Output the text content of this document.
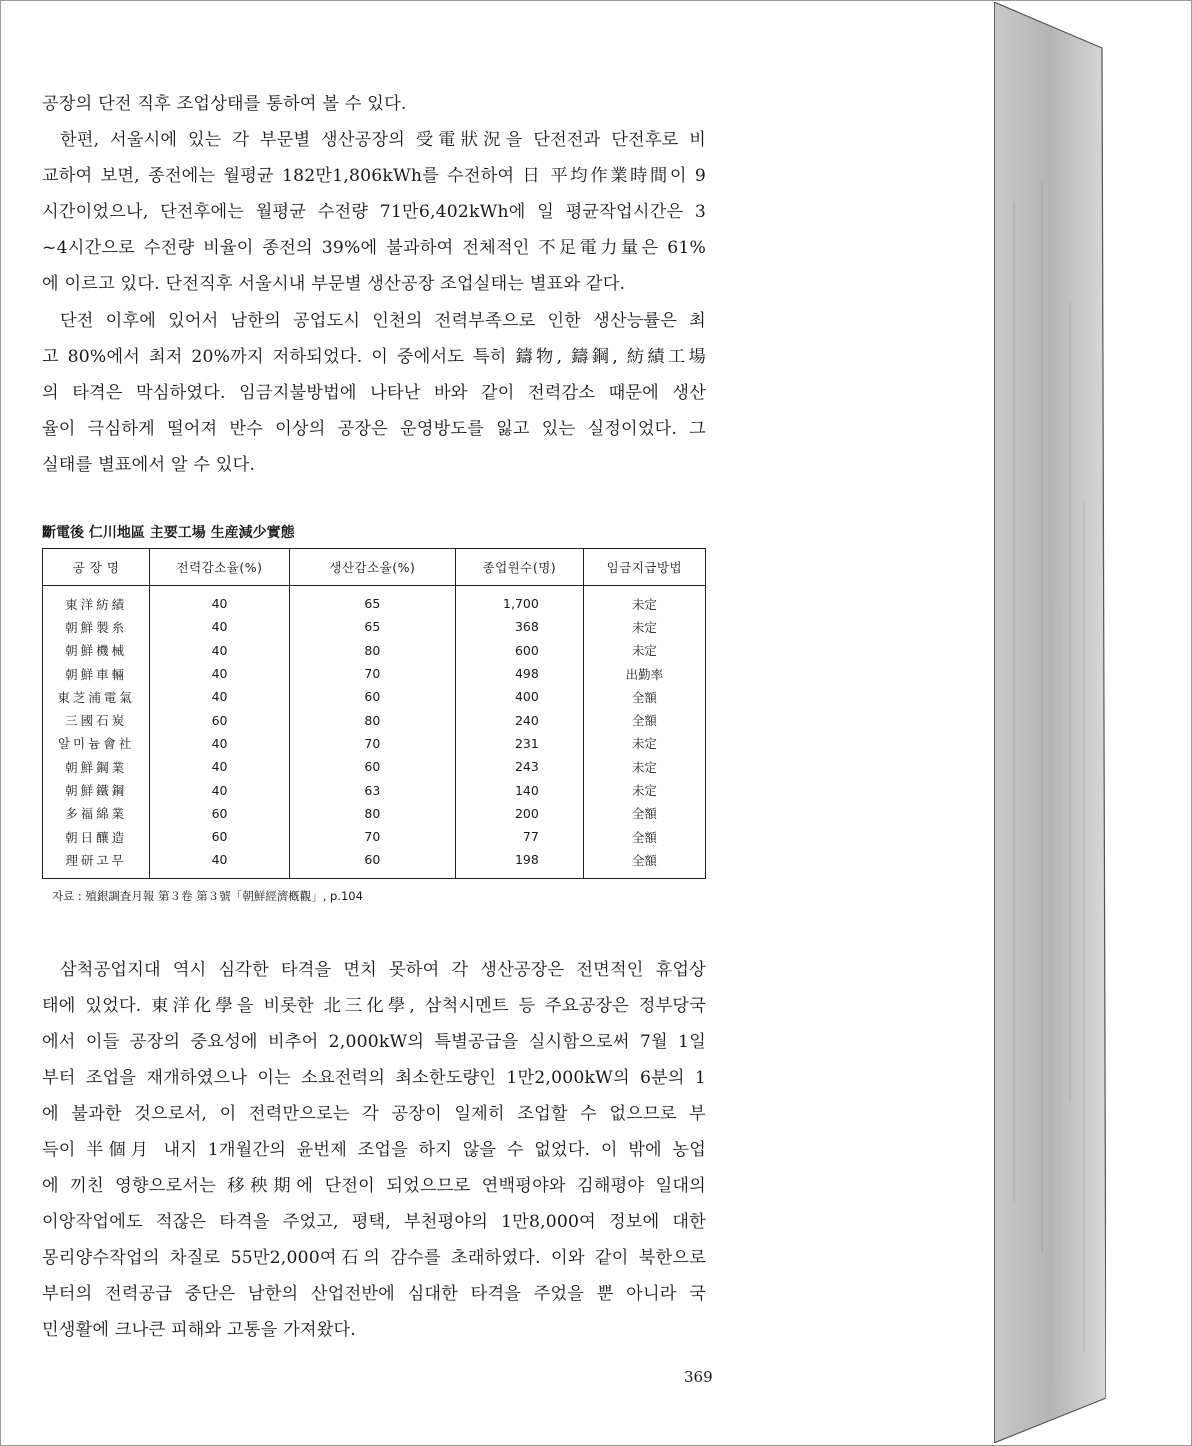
공장의 단전 직후 조업상태를 통하여 볼 수 있다.

한편, 서울시에 있는 각 부문별 생산공장의 受電狀況을 단전전과 단전후로 비
교하여 보면, 종전에는 월평균 182만1,806kWh를 수전하여 日 平均作業時間이 9
시간이었으나, 단전후에는 월평균 수전량 71만6,402kWh에 일 평균작업시간은 3
~4시간으로 수전량 비율이 종전의 39%에 불과하여 전체적인 不足電力量은 61%
에 이르고 있다. 단전직후 서울시내 부문별 생산공장 조업실태는 별표와 같다.

단전 이후에 있어서 남한의 공업도시 인천의 전력부족으로 인한 생산능률은 최
고 80%에서 최저 20%까지 저하되었다. 이 중에서도 특히 鑄物, 鑄鋼, 紡績工場
의 타격은 막심하였다. 임금지불방법에 나타난 바와 같이 전력감소 때문에 생산
율이 극심하게 떨어져 반수 이상의 공장은 운영방도를 잃고 있는 실정이었다. 그
실태를 별표에서 알 수 있다.

斷電後 仁川地區 主要工場 生産減少實態
공 장 명	전력감소율(%)	생산감소율(%)	종업원수(명)	임금지급방법
東洋紡績	40	65	1,700	未定
朝鮮製糸	40	65	368	未定
朝鮮機械	40	80	600	未定
朝鮮車輛	40	70	498	出勤率
東芝浦電氣	40	60	400	全額
三國石炭	60	80	240	全額
알미늄會社	40	70	231	未定
朝鮮鋼業	40	60	243	未定
朝鮮鐵鋼	40	63	140	未定
多福綿業	60	80	200	全額
朝日釀造	60	70	77	全額
理研고무	40	60	198	全額
자료 : 殖銀調査月報 第３卷 第３號「朝鮮經濟槪觀」, p.104

삼척공업지대 역시 심각한 타격을 면치 못하여 각 생산공장은 전면적인 휴업상
태에 있었다. 東洋化學을 비롯한 北三化學, 삼척시멘트 등 주요공장은 정부당국
에서 이들 공장의 중요성에 비추어 2,000kW의 특별공급을 실시함으로써 7월 1일
부터 조업을 재개하였으나 이는 소요전력의 최소한도량인 1만2,000kW의 6분의 1
에 불과한 것으로서, 이 전력만으로는 각 공장이 일제히 조업할 수 없으므로 부
득이 半個月 내지 1개월간의 윤번제 조업을 하지 않을 수 없었다. 이 밖에 농업
에 끼친 영향으로서는 移秧期에 단전이 되었으므로 연백평야와 김해평야 일대의
이앙작업에도 적잖은 타격을 주었고, 평택, 부천평야의 1만8,000여 정보에 대한
몽리양수작업의 차질로 55만2,000여石의 감수를 초래하였다. 이와 같이 북한으로
부터의 전력공급 중단은 남한의 산업전반에 심대한 타격을 주었을 뿐 아니라 국
민생활에 크나큰 피해와 고통을 가져왔다.

369
